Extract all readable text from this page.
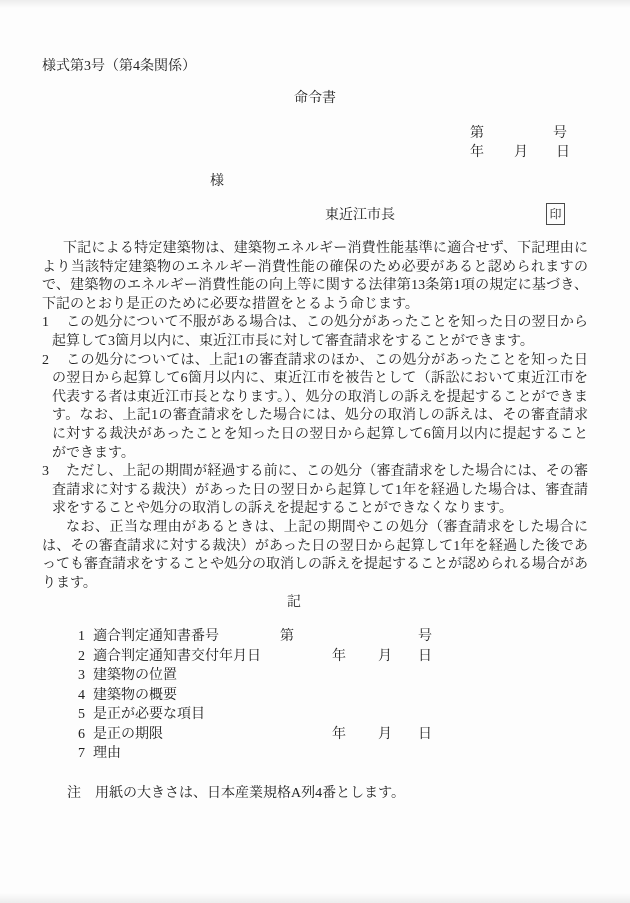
様式第3号（第4条関係）
命令書
第	号
年 月 日
様
東近江市長	印

下記による特定建築物は、建築物エネルギー消費性能基準に適合せず、下記理由により当該特定建築物のエネルギー消費性能の確保のため必要があると認められますので、建築物のエネルギー消費性能の向上等に関する法律第13条第1項の規定に基づき、下記のとおり是正のために必要な措置をとるよう命じます。

1 この処分について不服がある場合は、この処分があったことを知った日の翌日から起算して3箇月以内に、東近江市長に対して審査請求をすることができます。
2 この処分については、上記1の審査請求のほか、この処分があったことを知った日の翌日から起算して6箇月以内に、東近江市を被告として（訴訟において東近江市を代表する者は東近江市長となります。）、処分の取消しの訴えを提起することができます。なお、上記1の審査請求をした場合には、処分の取消しの訴えは、その審査請求に対する裁決があったことを知った日の翌日から起算して6箇月以内に提起することができます。
3 ただし、上記の期間が経過する前に、この処分（審査請求をした場合には、その審査請求に対する裁決）があった日の翌日から起算して1年を経過した場合は、審査請求をすることや処分の取消しの訴えを提起することができなくなります。
なお、正当な理由があるときは、上記の期間やこの処分（審査請求をした場合には、その審査請求に対する裁決）があった日の翌日から起算して1年を経過した後であっても審査請求をすることや処分の取消しの訴えを提起することが認められる場合があります。
記
1 適合判定通知書番号	第	号
2 適合判定通知書交付年月日	年 月 日
3 建築物の位置
4 建築物の概要
5 是正が必要な項目
6 是正の期限	年 月 日
7 理由
注 用紙の大きさは、日本産業規格A列4番とします。
